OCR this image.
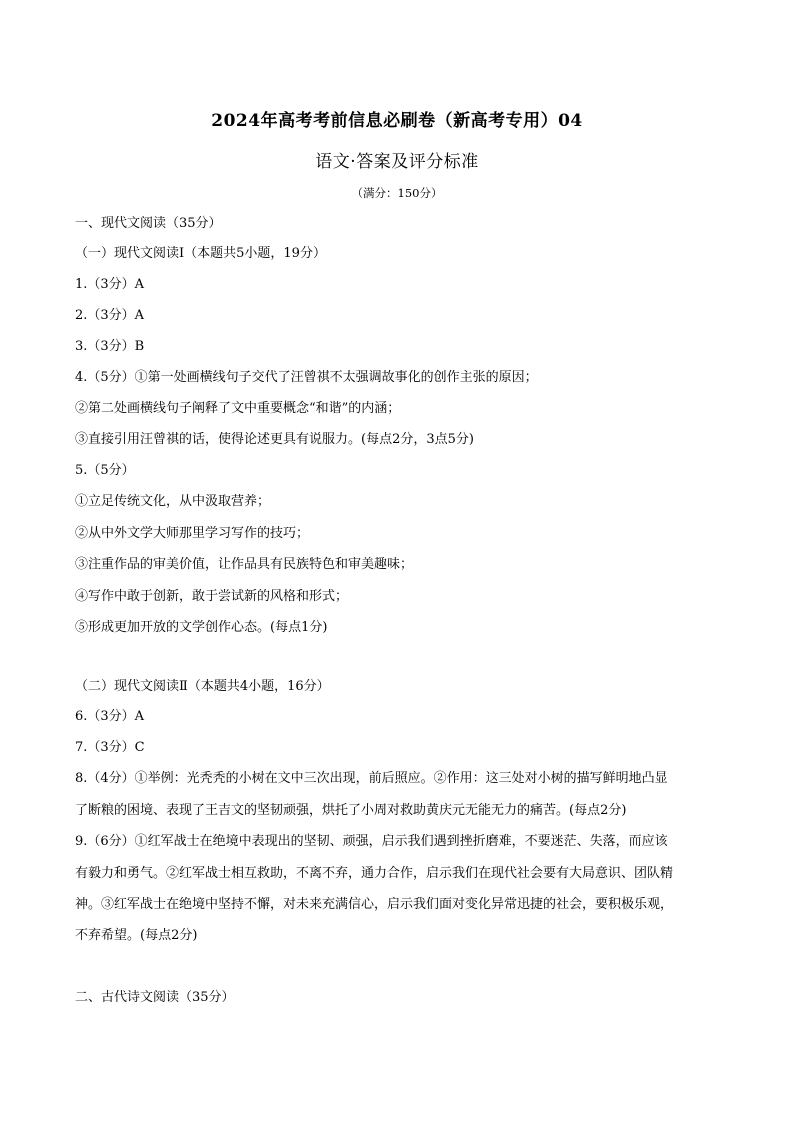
2024年高考考前信息必刷卷（新高考专用）04
语文·答案及评分标准
（满分：150分）
一、现代文阅读（35分）
（一）现代文阅读Ⅰ（本题共5小题，19分）
1.（3分）A
2.（3分）A
3.（3分）B
4.（5分）①第一处画横线句子交代了汪曾祺不太强调故事化的创作主张的原因；
②第二处画横线句子阐释了文中重要概念“和谐”的内涵；
③直接引用汪曾祺的话，使得论述更具有说服力。(每点2分，3点5分)
5.（5分）
①立足传统文化，从中汲取营养；
②从中外文学大师那里学习写作的技巧；
③注重作品的审美价值，让作品具有民族特色和审美趣味；
④写作中敢于创新，敢于尝试新的风格和形式；
⑤形成更加开放的文学创作心态。(每点1分)
（二）现代文阅读Ⅱ（本题共4小题，16分）
6.（3分）A
7.（3分）C
8.（4分）①举例：光秃秃的小树在文中三次出现，前后照应。②作用：这三处对小树的描写鲜明地凸显
了断粮的困境、表现了王吉文的坚韧顽强，烘托了小周对救助黄庆元无能无力的痛苦。(每点2分)
9.（6分）①红军战士在绝境中表现出的坚韧、顽强，启示我们遇到挫折磨难，不要迷茫、失落，而应该
有毅力和勇气。②红军战士相互救助，不离不弃，通力合作，启示我们在现代社会要有大局意识、团队精
神。③红军战士在绝境中坚持不懈，对未来充满信心，启示我们面对变化异常迅捷的社会，要积极乐观，
不弃希望。(每点2分)
二、古代诗文阅读（35分）
